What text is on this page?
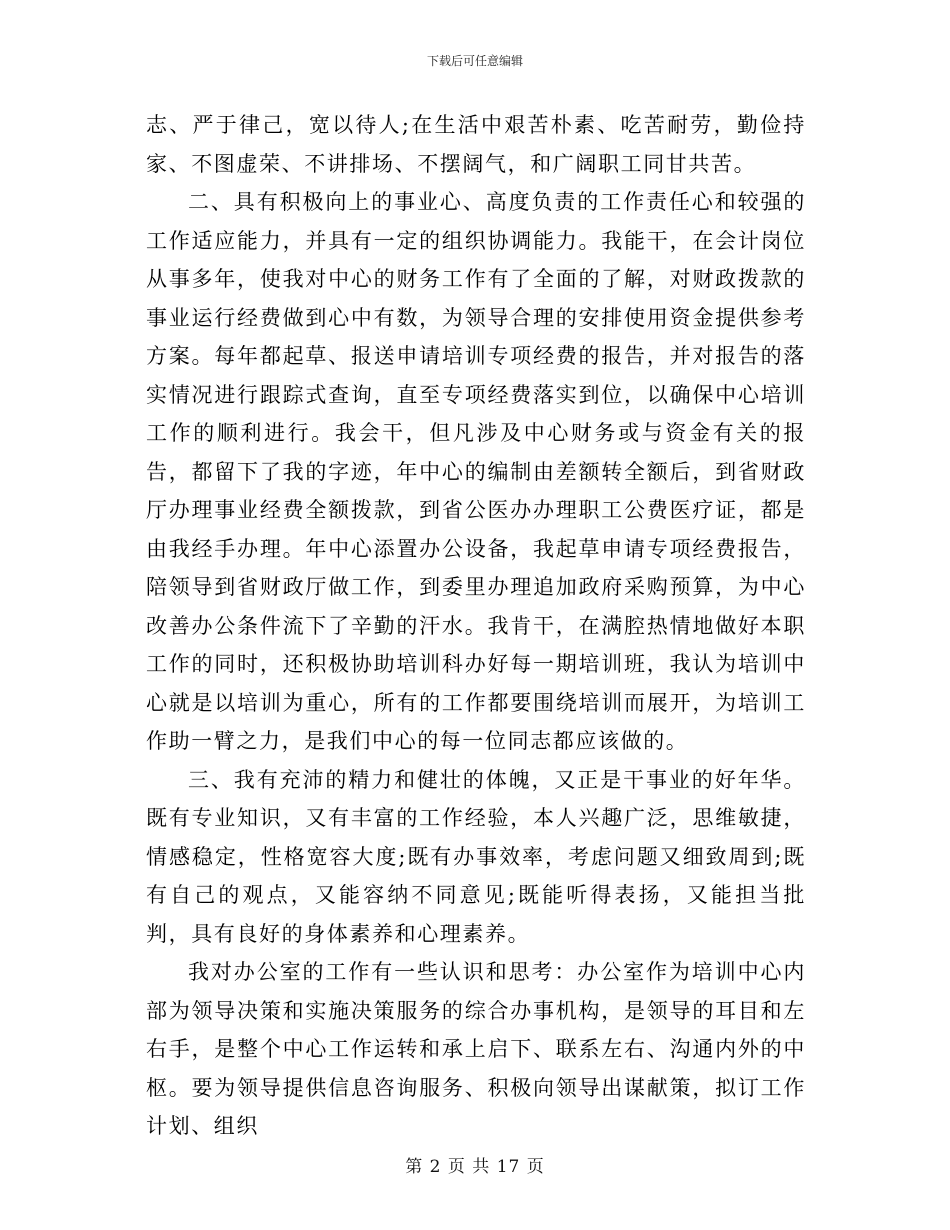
下载后可任意编辑

志、严于律己，宽以待人;在生活中艰苦朴素、吃苦耐劳，勤俭持家、不图虚荣、不讲排场、不摆阔气，和广阔职工同甘共苦。

二、具有积极向上的事业心、高度负责的工作责任心和较强的工作适应能力，并具有一定的组织协调能力。我能干，在会计岗位从事多年，使我对中心的财务工作有了全面的了解，对财政拨款的事业运行经费做到心中有数，为领导合理的安排使用资金提供参考方案。每年都起草、报送申请培训专项经费的报告，并对报告的落实情况进行跟踪式查询，直至专项经费落实到位，以确保中心培训工作的顺利进行。我会干，但凡涉及中心财务或与资金有关的报告，都留下了我的字迹，年中心的编制由差额转全额后，到省财政厅办理事业经费全额拨款，到省公医办办理职工公费医疗证，都是由我经手办理。年中心添置办公设备，我起草申请专项经费报告，陪领导到省财政厅做工作，到委里办理追加政府采购预算，为中心改善办公条件流下了辛勤的汗水。我肯干，在满腔热情地做好本职工作的同时，还积极协助培训科办好每一期培训班，我认为培训中心就是以培训为重心，所有的工作都要围绕培训而展开，为培训工作助一臂之力，是我们中心的每一位同志都应该做的。

三、我有充沛的精力和健壮的体魄，又正是干事业的好年华。既有专业知识，又有丰富的工作经验，本人兴趣广泛，思维敏捷，情感稳定，性格宽容大度;既有办事效率，考虑问题又细致周到;既有自己的观点，又能容纳不同意见;既能听得表扬，又能担当批判，具有良好的身体素养和心理素养。

我对办公室的工作有一些认识和思考：办公室作为培训中心内部为领导决策和实施决策服务的综合办事机构，是领导的耳目和左右手，是整个中心工作运转和承上启下、联系左右、沟通内外的中枢。要为领导提供信息咨询服务、积极向领导出谋献策，拟订工作计划、组织

第 2 页 共 17 页
